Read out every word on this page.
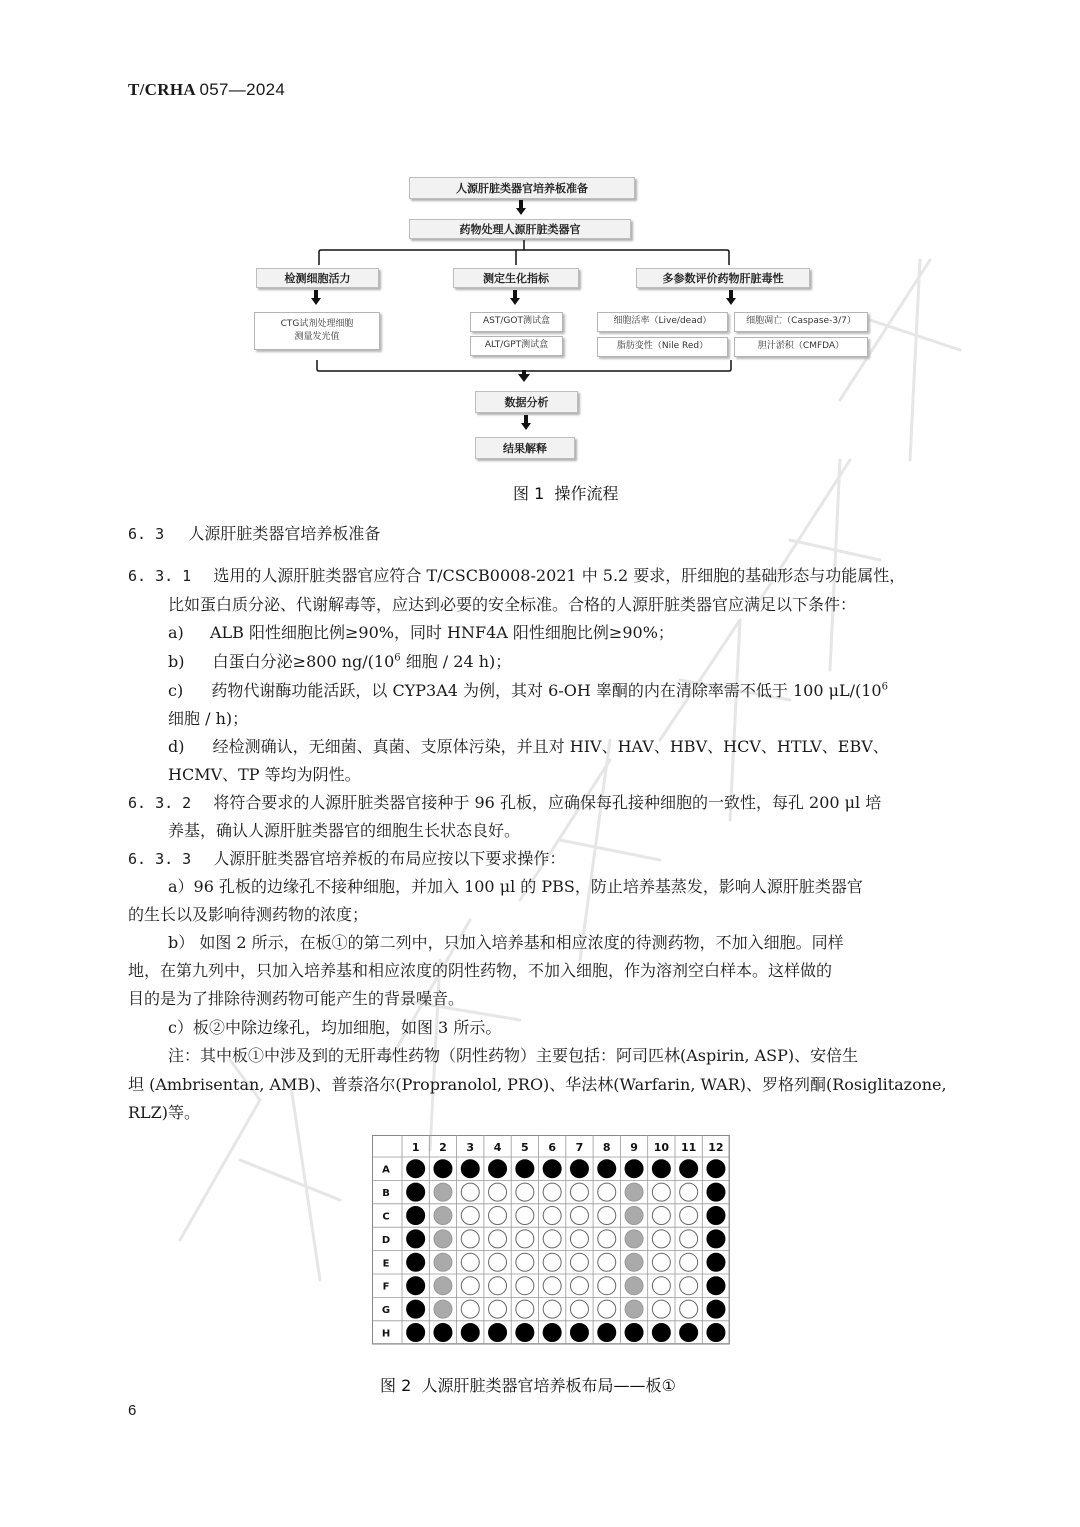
T/CRHA 057—2024
人源肝脏类器官培养板准备
药物处理人源肝脏类器官
检测细胞活力	测定生化指标	多参数评价药物肝脏毒性
CTG试剂处理细胞
测量发光值
AST/GOT测试盒
ALT/GPT测试盒
细胞活率（Live/dead）	细胞凋亡（Caspase-3/7）
脂肪变性（Nile Red）	胆汁淤积（CMFDA）
数据分析
结果解释
图 1  操作流程
6. 3 人源肝脏类器官培养板准备
6. 3. 1 选用的人源肝脏类器官应符合 T/CSCB0008-2021 中 5.2 要求，肝细胞的基础形态与功能属性，
比如蛋白质分泌、代谢解毒等，应达到必要的安全标准。合格的人源肝脏类器官应满足以下条件：
a) ALB 阳性细胞比例≥90%，同时 HNF4A 阳性细胞比例≥90%；
b) 白蛋白分泌≥800 $ng/(10^6$ 细胞 / 24 h)；
c) 药物代谢酶功能活跃，以 CYP3A4 为例，其对 6-OH 睾酮的内在清除率需不低于 100 $\mu L/(10^6$
细胞 / h)；
d) 经检测确认，无细菌、真菌、支原体污染，并且对 HIV、HAV、HBV、HCV、HTLV、EBV、
HCMV、TP 等均为阴性。
6. 3. 2 将符合要求的人源肝脏类器官接种于 96 孔板，应确保每孔接种细胞的一致性，每孔 200 μl 培
养基，确认人源肝脏类器官的细胞生长状态良好。
6. 3. 3 人源肝脏类器官培养板的布局应按以下要求操作：
a）96 孔板的边缘孔不接种细胞，并加入 100 μl 的 PBS，防止培养基蒸发，影响人源肝脏类器官
的生长以及影响待测药物的浓度；
b） 如图 2 所示，在板①的第二列中，只加入培养基和相应浓度的待测药物，不加入细胞。同样
地，在第九列中，只加入培养基和相应浓度的阴性药物，不加入细胞，作为溶剂空白样本。这样做的
目的是为了排除待测药物可能产生的背景噪音。
c）板②中除边缘孔，均加细胞，如图 3 所示。
注：其中板①中涉及到的无肝毒性药物（阴性药物）主要包括：阿司匹林(Aspirin, ASP)、安倍生
坦 (Ambrisentan, AMB)、普萘洛尔(Propranolol, PRO)、华法林(Warfarin, WAR)、罗格列酮(Rosiglitazone,
RLZ)等。
1 2 3 4 5 6 7 8 9 10 11 12
A
B
C
D
E
F
G
H
图 2  人源肝脏类器官培养板布局——板①
6
